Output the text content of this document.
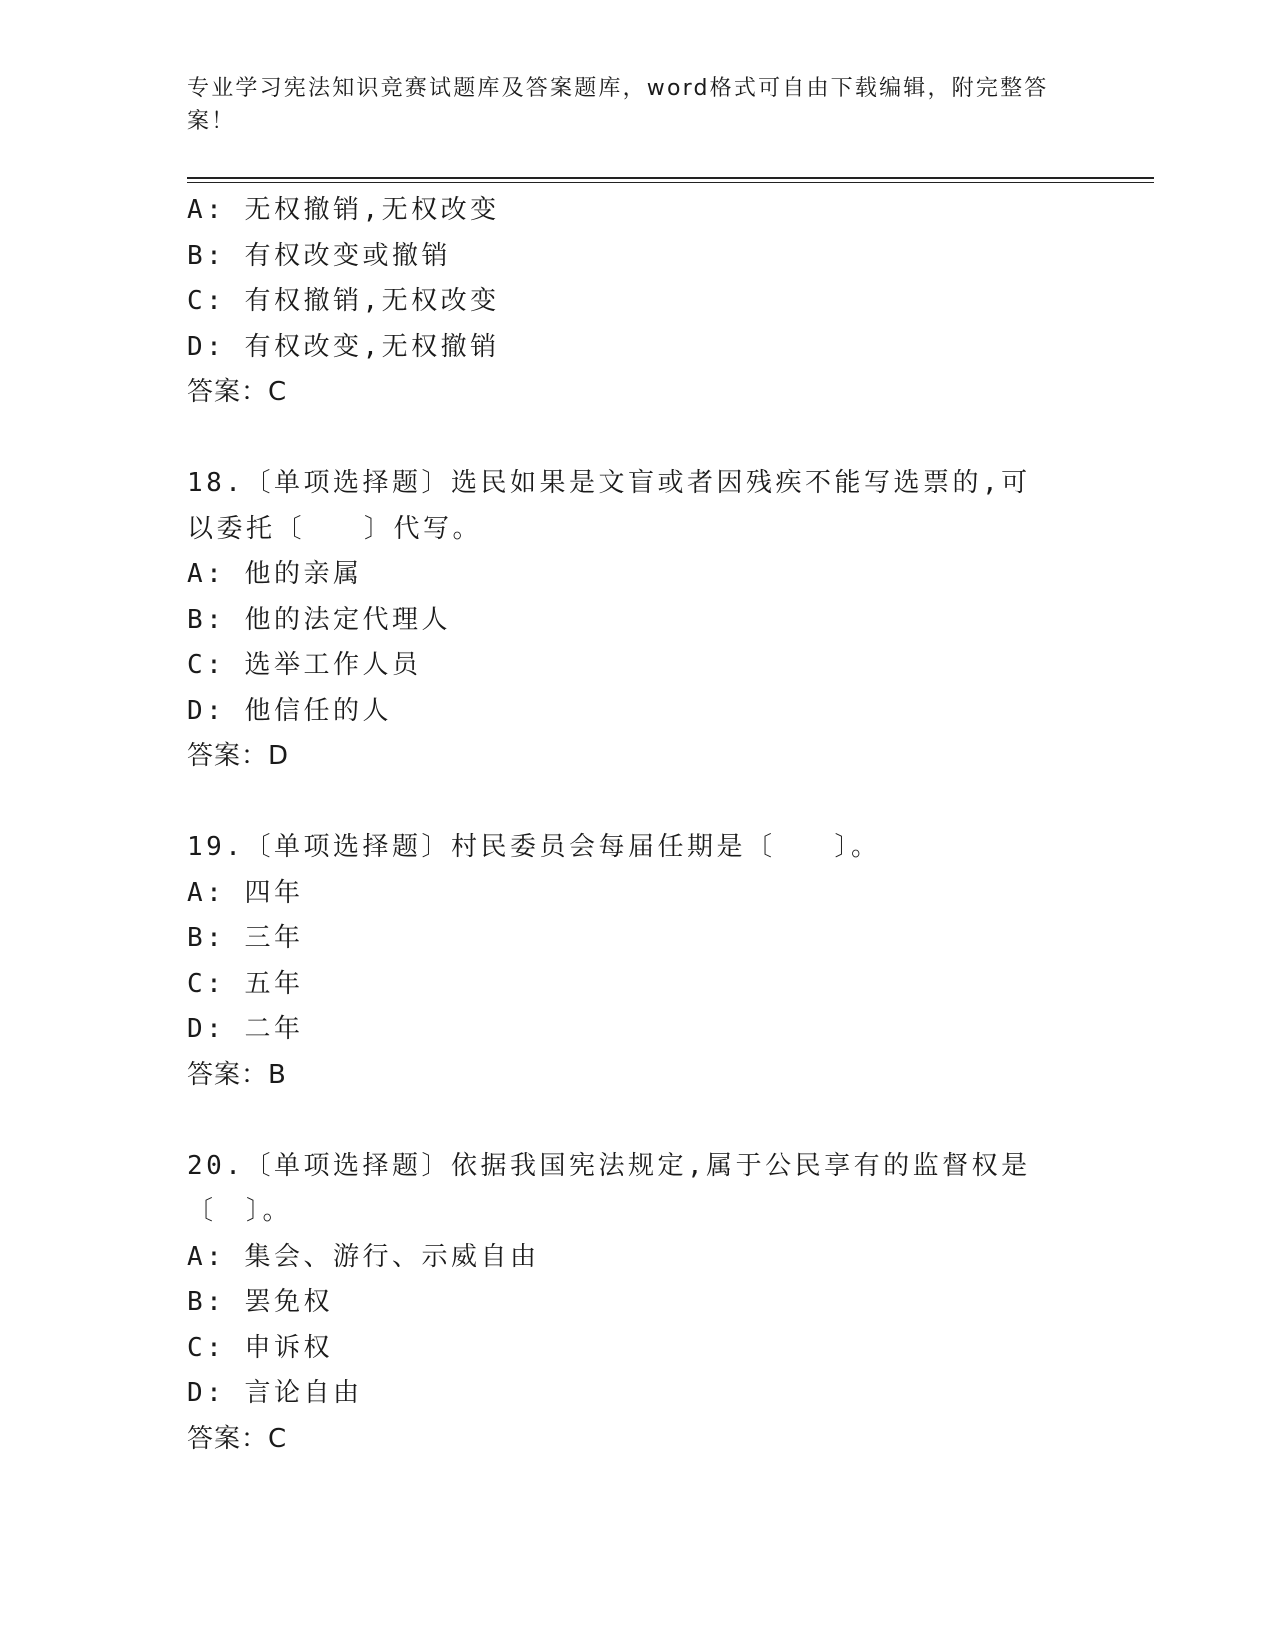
专业学习宪法知识竞赛试题库及答案题库，word格式可自由下载编辑，附完整答案！
A: 无权撤销,无权改变
B: 有权改变或撤销
C: 有权撤销,无权改变
D: 有权改变,无权撤销
答案：C
18.〔单项选择题〕选民如果是文盲或者因残疾不能写选票的,可以委托〔　　〕代写。
A: 他的亲属
B: 他的法定代理人
C: 选举工作人员
D: 他信任的人
答案：D
19.〔单项选择题〕村民委员会每届任期是〔　　〕。
A: 四年
B: 三年
C: 五年
D: 二年
答案：B
20.〔单项选择题〕依据我国宪法规定,属于公民享有的监督权是〔　〕。
A: 集会、游行、示威自由
B: 罢免权
C: 申诉权
D: 言论自由
答案：C
